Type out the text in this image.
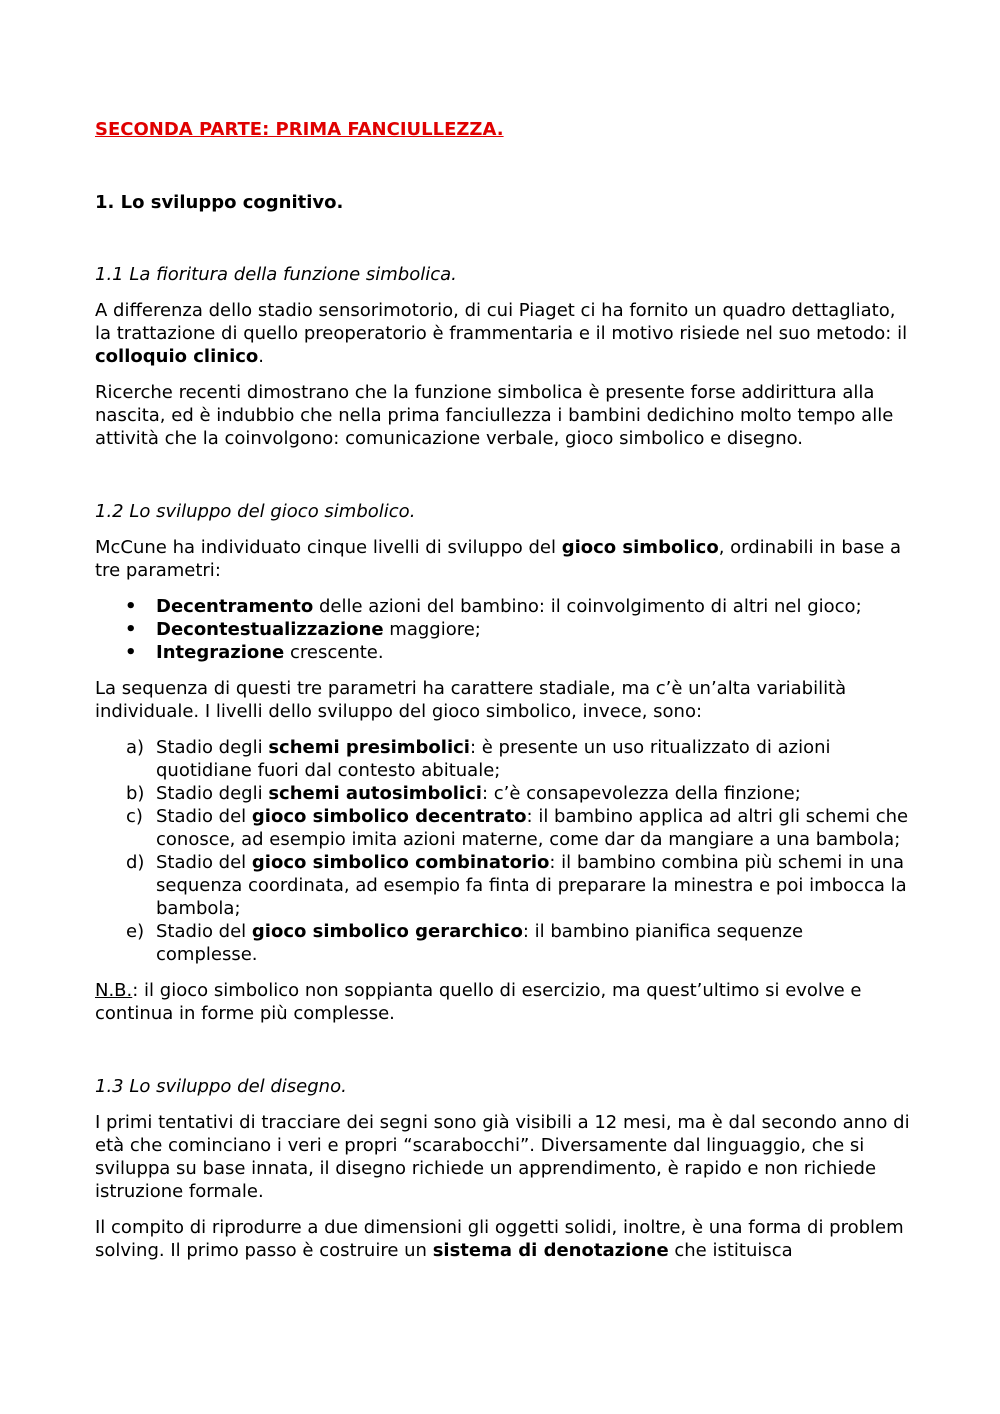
SECONDA PARTE: PRIMA FANCIULLEZZA.
1. Lo sviluppo cognitivo.
1.1 La fioritura della funzione simbolica.

A differenza dello stadio sensorimotorio, di cui Piaget ci ha fornito un quadro dettagliato, la trattazione di quello preoperatorio è frammentaria e il motivo risiede nel suo metodo: il colloquio clinico.

Ricerche recenti dimostrano che la funzione simbolica è presente forse addirittura alla nascita, ed è indubbio che nella prima fanciullezza i bambini dedichino molto tempo alle attività che la coinvolgono: comunicazione verbale, gioco simbolico e disegno.

1.2 Lo sviluppo del gioco simbolico.

McCune ha individuato cinque livelli di sviluppo del gioco simbolico, ordinabili in base a tre parametri:

• Decentramento delle azioni del bambino: il coinvolgimento di altri nel gioco;
• Decontestualizzazione maggiore;
• Integrazione crescente.

La sequenza di questi tre parametri ha carattere stadiale, ma c’è un’alta variabilità individuale. I livelli dello sviluppo del gioco simbolico, invece, sono:

a) Stadio degli schemi presimbolici: è presente un uso ritualizzato di azioni quotidiane fuori dal contesto abituale;
b) Stadio degli schemi autosimbolici: c’è consapevolezza della finzione;
c) Stadio del gioco simbolico decentrato: il bambino applica ad altri gli schemi che conosce, ad esempio imita azioni materne, come dar da mangiare a una bambola;
d) Stadio del gioco simbolico combinatorio: il bambino combina più schemi in una sequenza coordinata, ad esempio fa finta di preparare la minestra e poi imbocca la bambola;
e) Stadio del gioco simbolico gerarchico: il bambino pianifica sequenze complesse.

N.B.: il gioco simbolico non soppianta quello di esercizio, ma quest’ultimo si evolve e continua in forme più complesse.

1.3 Lo sviluppo del disegno.

I primi tentativi di tracciare dei segni sono già visibili a 12 mesi, ma è dal secondo anno di età che cominciano i veri e propri “scarabocchi”. Diversamente dal linguaggio, che si sviluppa su base innata, il disegno richiede un apprendimento, è rapido e non richiede istruzione formale.

Il compito di riprodurre a due dimensioni gli oggetti solidi, inoltre, è una forma di problem solving. Il primo passo è costruire un sistema di denotazione che istituisca
